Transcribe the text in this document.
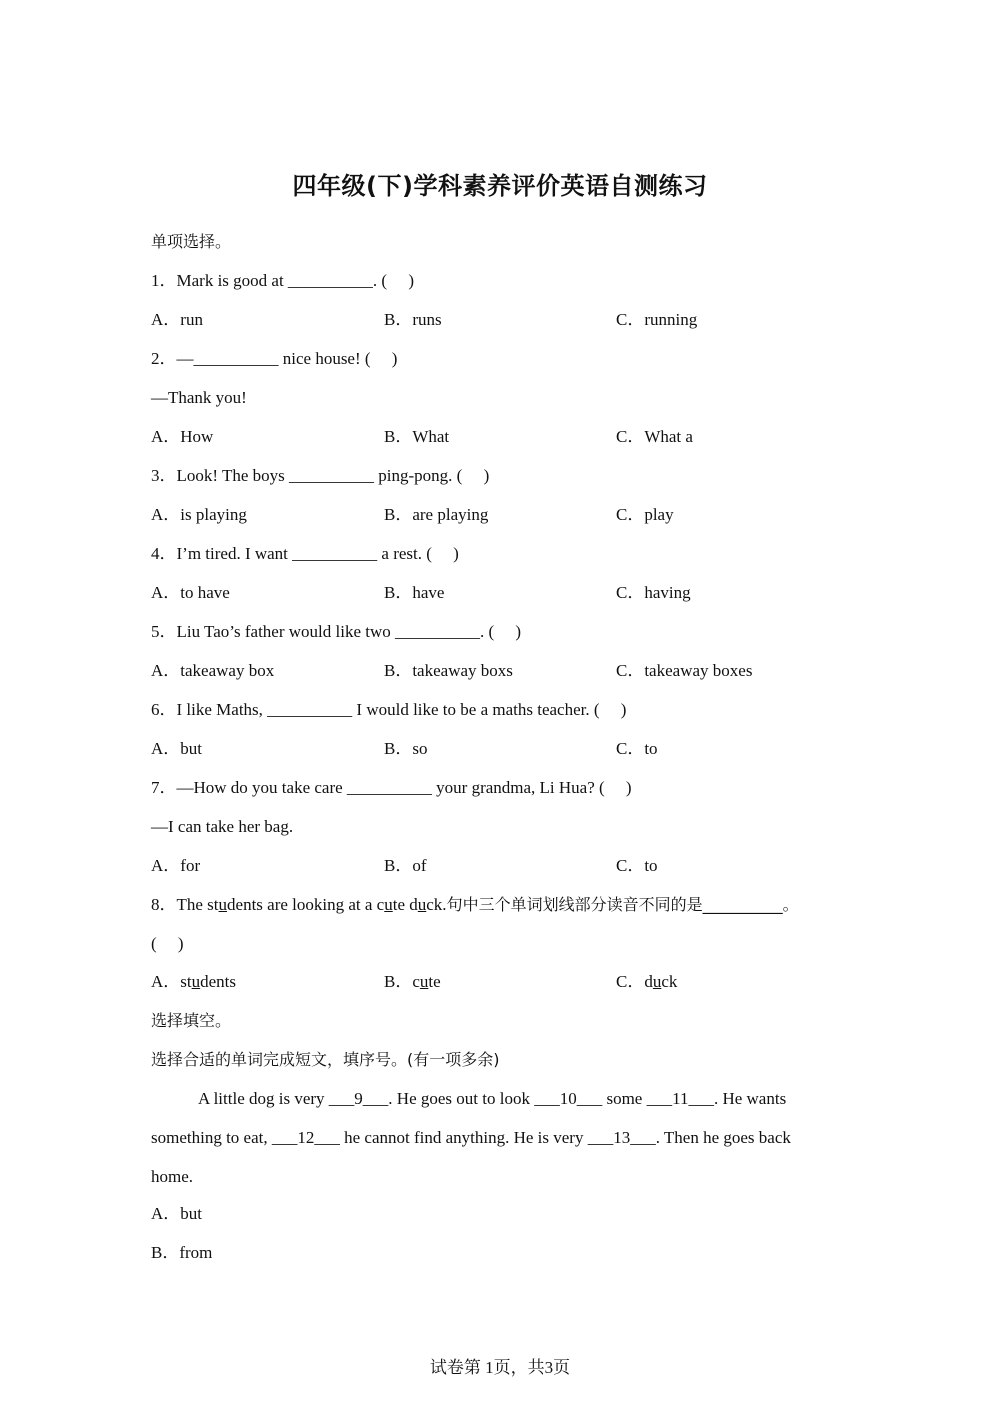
四年级(下)学科素养评价英语自测练习
单项选择。
1．Mark is good at __________. (　 )
A．run	B．runs	C．running
2．—__________ nice house! (　 )
—Thank you!
A．How	B．What	C．What a
3．Look! The boys __________ ping-pong. (　 )
A．is playing	B．are playing	C．play
4．I’m tired. I want __________ a rest. (　 )
A．to have	B．have	C．having
5．Liu Tao’s father would like two __________. (　 )
A．takeaway box	B．takeaway boxs	C．takeaway boxes
6．I like Maths, __________ I would like to be a maths teacher. (　 )
A．but	B．so	C．to
7．—How do you take care __________ your grandma, Li Hua? (　 )
—I can take her bag.
A．for	B．of	C．to
8．The students are looking at a cute duck.句中三个单词划线部分读音不同的是__________。
(　 )
A．students	B．cute	C．duck
选择填空。
选择合适的单词完成短文，填序号。(有一项多余)
A little dog is very ___9___. He goes out to look ___10___ some ___11___. He wants
something to eat, ___12___ he cannot find anything. He is very ___13___. Then he goes back
home.
A．but
B．from
试卷第 1页，共3页
